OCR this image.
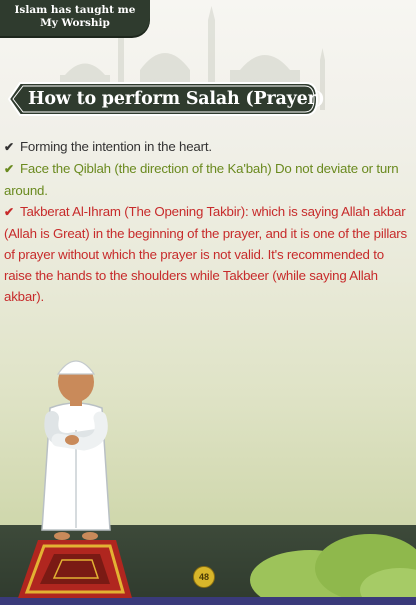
Islam has taught me
My Worship
How to perform Salah (Prayer)
✔ Forming the intention in the heart.
✔ Face the Qiblah (the direction of the Ka'bah) Do not deviate or turn around.
✔ Takberat Al-Ihram (The Opening Takbir): which is saying Allah akbar (Allah is Great) in the beginning of the prayer, and it is one of the pillars of prayer without which the prayer is not valid. It's recommended to raise the hands to the shoulders while Takbeer (while saying Allah akbar).
48
